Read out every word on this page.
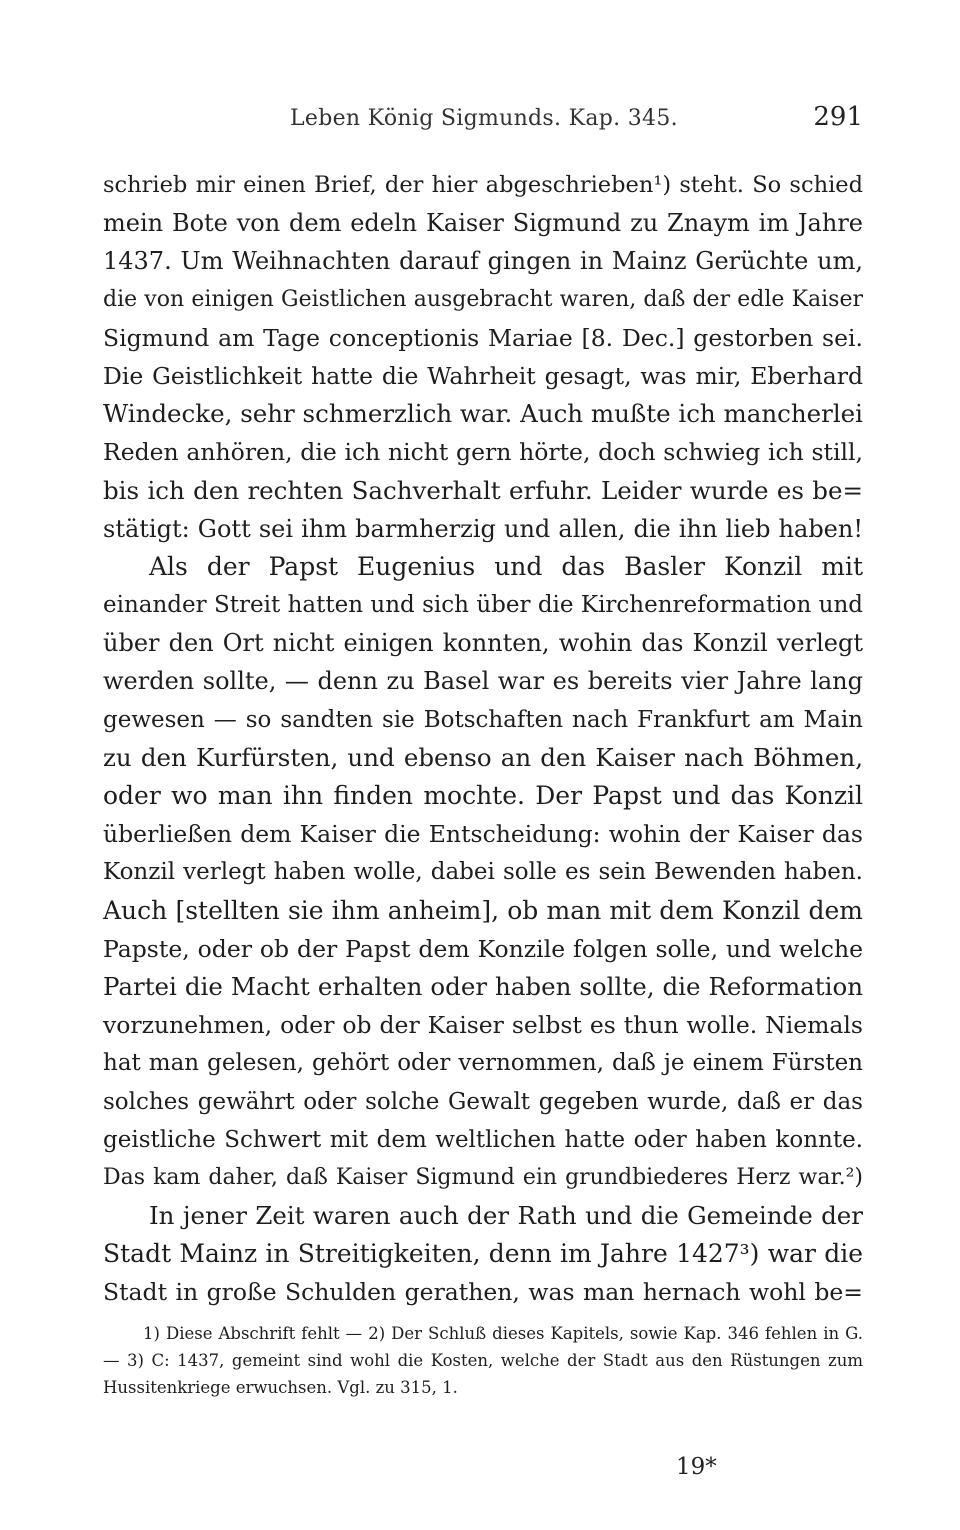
Leben König Sigmunds. Kap. 345.	291
schrieb mir einen Brief, der hier abgeschrieben¹) steht. So schied
mein Bote von dem edeln Kaiser Sigmund zu Znaym im Jahre
1437. Um Weihnachten darauf gingen in Mainz Gerüchte um,
die von einigen Geistlichen ausgebracht waren, daß der edle Kaiser
Sigmund am Tage conceptionis Mariae [8. Dec.] gestorben sei.
Die Geistlichkeit hatte die Wahrheit gesagt, was mir, Eberhard
Windecke, sehr schmerzlich war. Auch mußte ich mancherlei
Reden anhören, die ich nicht gern hörte, doch schwieg ich still,
bis ich den rechten Sachverhalt erfuhr. Leider wurde es be=
stätigt: Gott sei ihm barmherzig und allen, die ihn lieb haben!
Als der Papst Eugenius und das Basler Konzil mit
einander Streit hatten und sich über die Kirchenreformation und
über den Ort nicht einigen konnten, wohin das Konzil verlegt
werden sollte, — denn zu Basel war es bereits vier Jahre lang
gewesen — so sandten sie Botschaften nach Frankfurt am Main
zu den Kurfürsten, und ebenso an den Kaiser nach Böhmen,
oder wo man ihn finden mochte. Der Papst und das Konzil
überließen dem Kaiser die Entscheidung: wohin der Kaiser das
Konzil verlegt haben wolle, dabei solle es sein Bewenden haben.
Auch [stellten sie ihm anheim], ob man mit dem Konzil dem
Papste, oder ob der Papst dem Konzile folgen solle, und welche
Partei die Macht erhalten oder haben sollte, die Reformation
vorzunehmen, oder ob der Kaiser selbst es thun wolle. Niemals
hat man gelesen, gehört oder vernommen, daß je einem Fürsten
solches gewährt oder solche Gewalt gegeben wurde, daß er das
geistliche Schwert mit dem weltlichen hatte oder haben konnte.
Das kam daher, daß Kaiser Sigmund ein grundbiederes Herz war.²)
In jener Zeit waren auch der Rath und die Gemeinde der
Stadt Mainz in Streitigkeiten, denn im Jahre 1427³) war die
Stadt in große Schulden gerathen, was man hernach wohl be=
1) Diese Abschrift fehlt — 2) Der Schluß dieses Kapitels, sowie Kap. 346 fehlen in G.
— 3) C: 1437, gemeint sind wohl die Kosten, welche der Stadt aus den Rüstungen zum
Hussitenkriege erwuchsen. Vgl. zu 315, 1.
19*
